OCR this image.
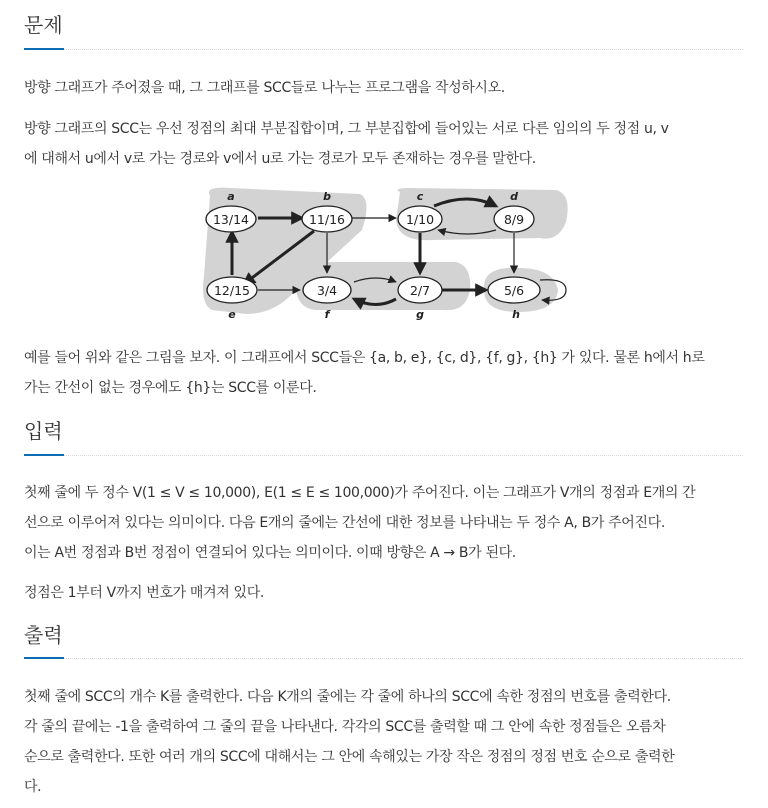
문제

방향 그래프가 주어졌을 때, 그 그래프를 SCC들로 나누는 프로그램을 작성하시오.

방향 그래프의 SCC는 우선 정점의 최대 부분집합이며, 그 부분집합에 들어있는 서로 다른 임의의 두 정점 u, v
에 대해서 u에서 v로 가는 경로와 v에서 u로 가는 경로가 모두 존재하는 경우를 말한다.

13/14
a
11/16
b
1/10
c
8/9
d
12/15
e
3/4
f
2/7
g
5/6
h

예를 들어 위와 같은 그림을 보자. 이 그래프에서 SCC들은 {a, b, e}, {c, d}, {f, g}, {h} 가 있다. 물론 h에서 h로
가는 간선이 없는 경우에도 {h}는 SCC를 이룬다.

입력

첫째 줄에 두 정수 V(1 ≤ V ≤ 10,000), E(1 ≤ E ≤ 100,000)가 주어진다. 이는 그래프가 V개의 정점과 E개의 간
선으로 이루어져 있다는 의미이다. 다음 E개의 줄에는 간선에 대한 정보를 나타내는 두 정수 A, B가 주어진다.
이는 A번 정점과 B번 정점이 연결되어 있다는 의미이다. 이때 방향은 A → B가 된다.

정점은 1부터 V까지 번호가 매겨져 있다.

출력

첫째 줄에 SCC의 개수 K를 출력한다. 다음 K개의 줄에는 각 줄에 하나의 SCC에 속한 정점의 번호를 출력한다.
각 줄의 끝에는 -1을 출력하여 그 줄의 끝을 나타낸다. 각각의 SCC를 출력할 때 그 안에 속한 정점들은 오름차
순으로 출력한다. 또한 여러 개의 SCC에 대해서는 그 안에 속해있는 가장 작은 정점의 정점 번호 순으로 출력한
다.
